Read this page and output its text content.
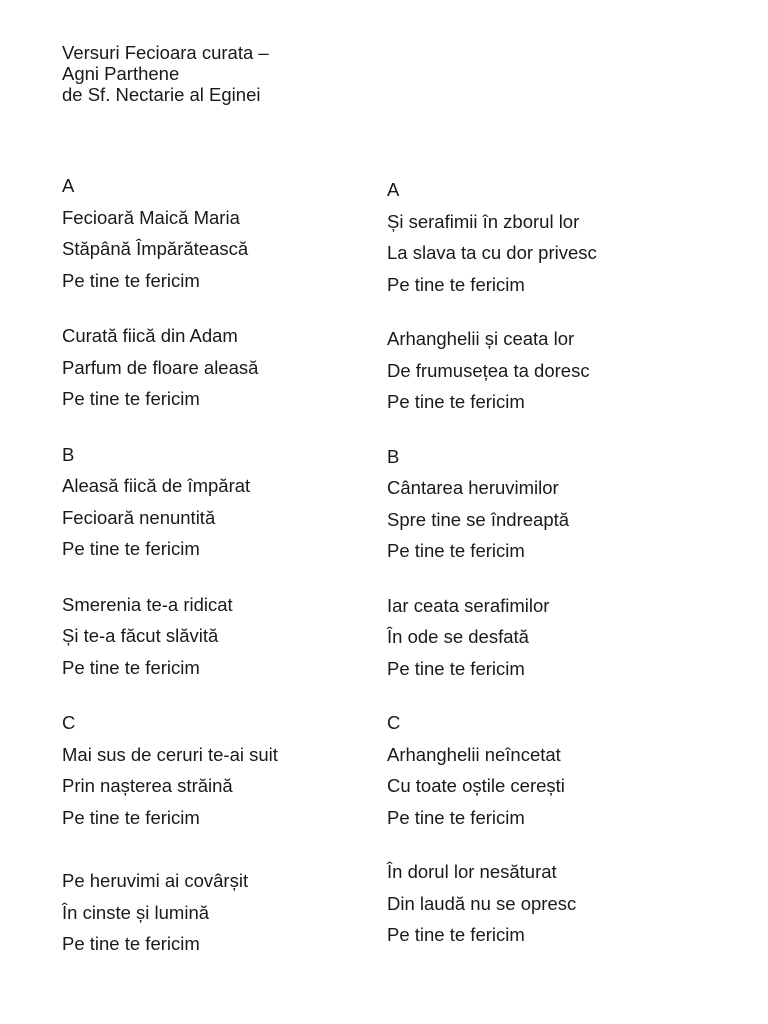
Versuri Fecioara curata –
Agni Parthene
de Sf. Nectarie al Eginei
A
Fecioară Maică Maria
Stăpână Împărătească
Pe tine te fericim
Curată fiică din Adam
Parfum de floare aleasă
Pe tine te fericim
B
Aleasă fiică de împărat
Fecioară nenuntită
Pe tine te fericim
Smerenia te-a ridicat
Și te-a făcut slăvită
Pe tine te fericim
C
Mai sus de ceruri te-ai suit
Prin nașterea străină
Pe tine te fericim
Pe heruvimi ai covârșit
În cinste și lumină
Pe tine te fericim
A
Și serafimii în zborul lor
La slava ta cu dor privesc
Pe tine te fericim
Arhanghelii și ceata lor
De frumusețea ta doresc
Pe tine te fericim
B
Cântarea heruvimilor
Spre tine se îndreaptă
Pe tine te fericim
Iar ceata serafimilor
În ode se desfată
Pe tine te fericim
C
Arhanghelii neîncetat
Cu toate oștile cerești
Pe tine te fericim
În dorul lor nesăturat
Din laudă nu se opresc
Pe tine te fericim
